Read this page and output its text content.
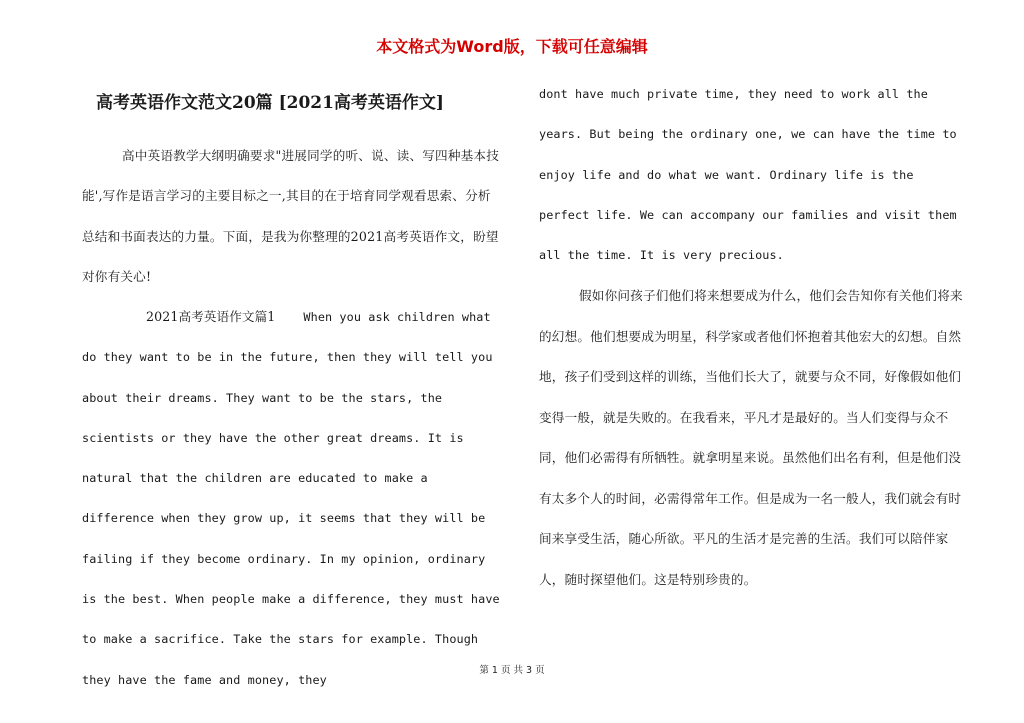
本文格式为Word版，下载可任意编辑
高考英语作文范文20篇 [2021高考英语作文]

高中英语教学大纲明确要求"进展同学的听、说、读、写四种基本技能',写作是语言学习的主要目标之一,其目的在于培育同学观看思索、分析总结和书面表达的力量。下面，是我为你整理的2021高考英语作文，盼望对你有关心!

2021高考英语作文篇1 When you ask children what do they want to be in the future, then they will tell you about their dreams. They want to be the stars, the scientists or they have the other great dreams. It is natural that the children are educated to make a difference when they grow up, it seems that they will be failing if they become ordinary. In my opinion, ordinary is the best. When people make a difference, they must have to make a sacrifice. Take the stars for example. Though they have the fame and money, they

dont have much private time, they need to work all the years. But being the ordinary one, we can have the time to enjoy life and do what we want. Ordinary life is the perfect life. We can accompany our families and visit them all the time. It is very precious.

假如你问孩子们他们将来想要成为什么，他们会告知你有关他们将来的幻想。他们想要成为明星，科学家或者他们怀抱着其他宏大的幻想。自然地，孩子们受到这样的训练，当他们长大了，就要与众不同，好像假如他们变得一般，就是失败的。在我看来，平凡才是最好的。当人们变得与众不同，他们必需得有所牺牲。就拿明星来说。虽然他们出名有利，但是他们没有太多个人的时间，必需得常年工作。但是成为一名一般人，我们就会有时间来享受生活，随心所欲。平凡的生活才是完善的生活。我们可以陪伴家人，随时探望他们。这是特别珍贵的。

第 1 页 共 3 页
